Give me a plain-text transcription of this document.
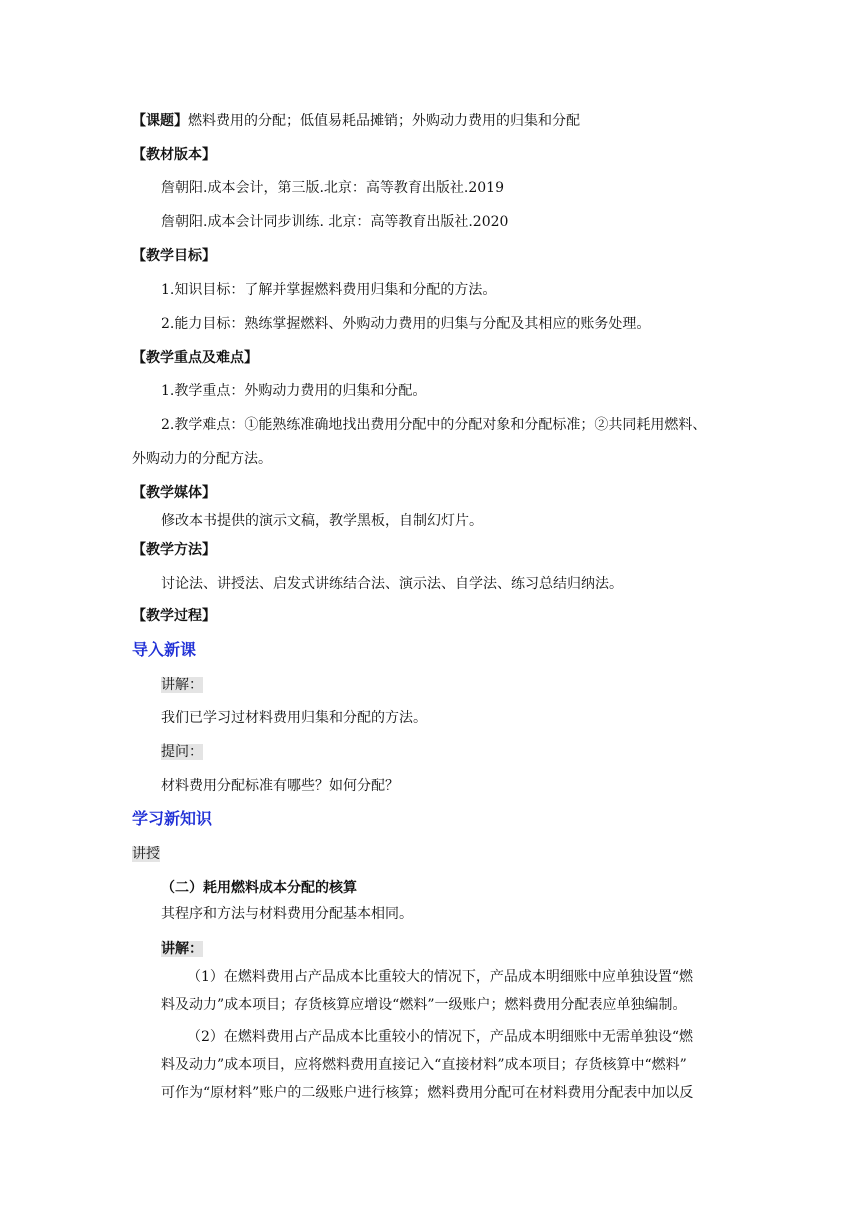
【课题】燃料费用的分配；低值易耗品摊销；外购动力费用的归集和分配
【教材版本】
詹朝阳.成本会计，第三版.北京：高等教育出版社.2019
詹朝阳.成本会计同步训练. 北京：高等教育出版社.2020
【教学目标】
1.知识目标：了解并掌握燃料费用归集和分配的方法。
2.能力目标：熟练掌握燃料、外购动力费用的归集与分配及其相应的账务处理。
【教学重点及难点】
1.教学重点：外购动力费用的归集和分配。
2.教学难点：①能熟练准确地找出费用分配中的分配对象和分配标准；②共同耗用燃料、
外购动力的分配方法。
【教学媒体】
修改本书提供的演示文稿，教学黑板，自制幻灯片。
【教学方法】
讨论法、讲授法、启发式讲练结合法、演示法、自学法、练习总结归纳法。
【教学过程】
导入新课
讲解：
我们已学习过材料费用归集和分配的方法。
提问：
材料费用分配标准有哪些？如何分配？
学习新知识
讲授
（二）耗用燃料成本分配的核算
其程序和方法与材料费用分配基本相同。
讲解：
（1）在燃料费用占产品成本比重较大的情况下，产品成本明细账中应单独设置“燃
料及动力”成本项目；存货核算应增设“燃料”一级账户；燃料费用分配表应单独编制。
（2）在燃料费用占产品成本比重较小的情况下，产品成本明细账中无需单独设“燃
料及动力”成本项目，应将燃料费用直接记入“直接材料”成本项目；存货核算中“燃料”
可作为“原材料”账户的二级账户进行核算；燃料费用分配可在材料费用分配表中加以反
